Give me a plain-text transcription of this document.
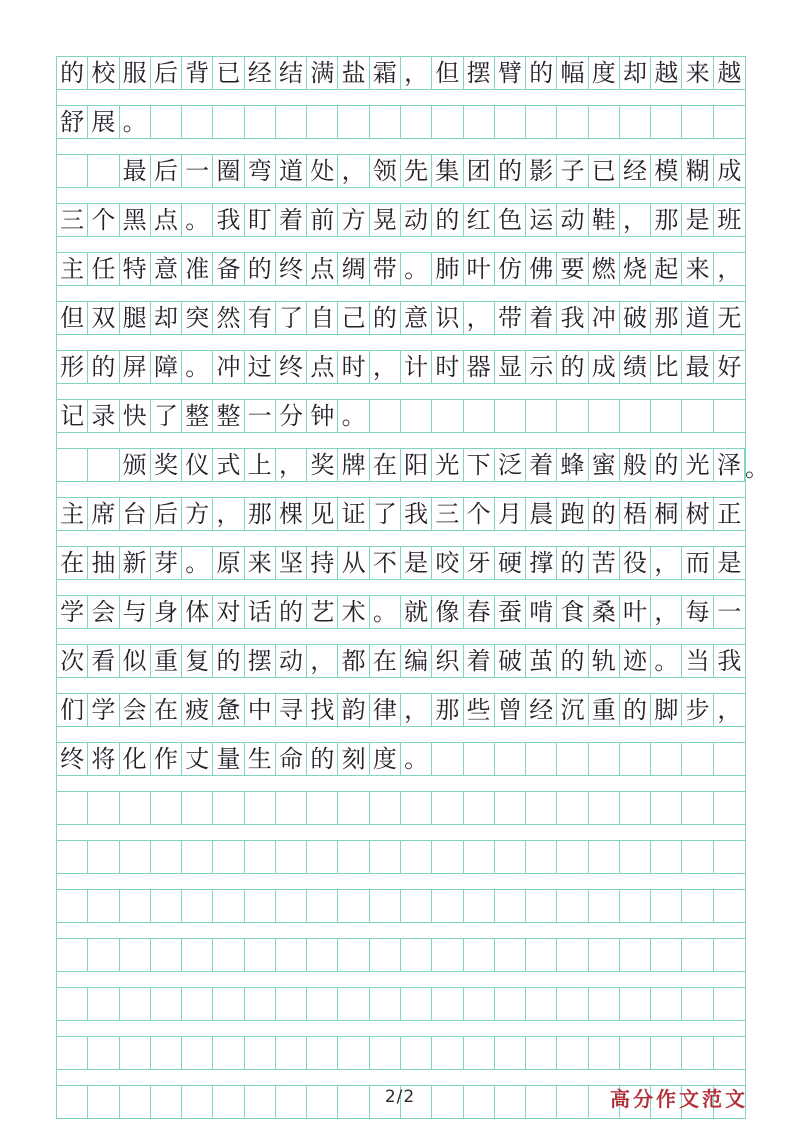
的 校 服 后 背 已 经 结 满 盐 霜 ， 但 摆 臂 的 幅 度 却 越 来 越
舒 展 。
最 后 一 圈 弯 道 处 ， 领 先 集 团 的 影 子 已 经 模 糊 成
三 个 黑 点 。 我 盯 着 前 方 晃 动 的 红 色 运 动 鞋 ， 那 是 班
主 任 特 意 准 备 的 终 点 绸 带 。 肺 叶 仿 佛 要 燃 烧 起 来 ，
但 双 腿 却 突 然 有 了 自 己 的 意 识 ， 带 着 我 冲 破 那 道 无
形 的 屏 障 。 冲 过 终 点 时 ， 计 时 器 显 示 的 成 绩 比 最 好
记 录 快 了 整 整 一 分 钟 。
颁 奖 仪 式 上 ， 奖 牌 在 阳 光 下 泛 着 蜂 蜜 般 的 光 泽 。
主 席 台 后 方 ， 那 棵 见 证 了 我 三 个 月 晨 跑 的 梧 桐 树 正
在 抽 新 芽 。 原 来 坚 持 从 不 是 咬 牙 硬 撑 的 苦 役 ， 而 是
学 会 与 身 体 对 话 的 艺 术 。 就 像 春 蚕 啃 食 桑 叶 ， 每 一
次 看 似 重 复 的 摆 动 ， 都 在 编 织 着 破 茧 的 轨 迹 。 当 我
们 学 会 在 疲 惫 中 寻 找 韵 律 ， 那 些 曾 经 沉 重 的 脚 步 ，
终 将 化 作 丈 量 生 命 的 刻 度 。
2/2	高分作文范文
